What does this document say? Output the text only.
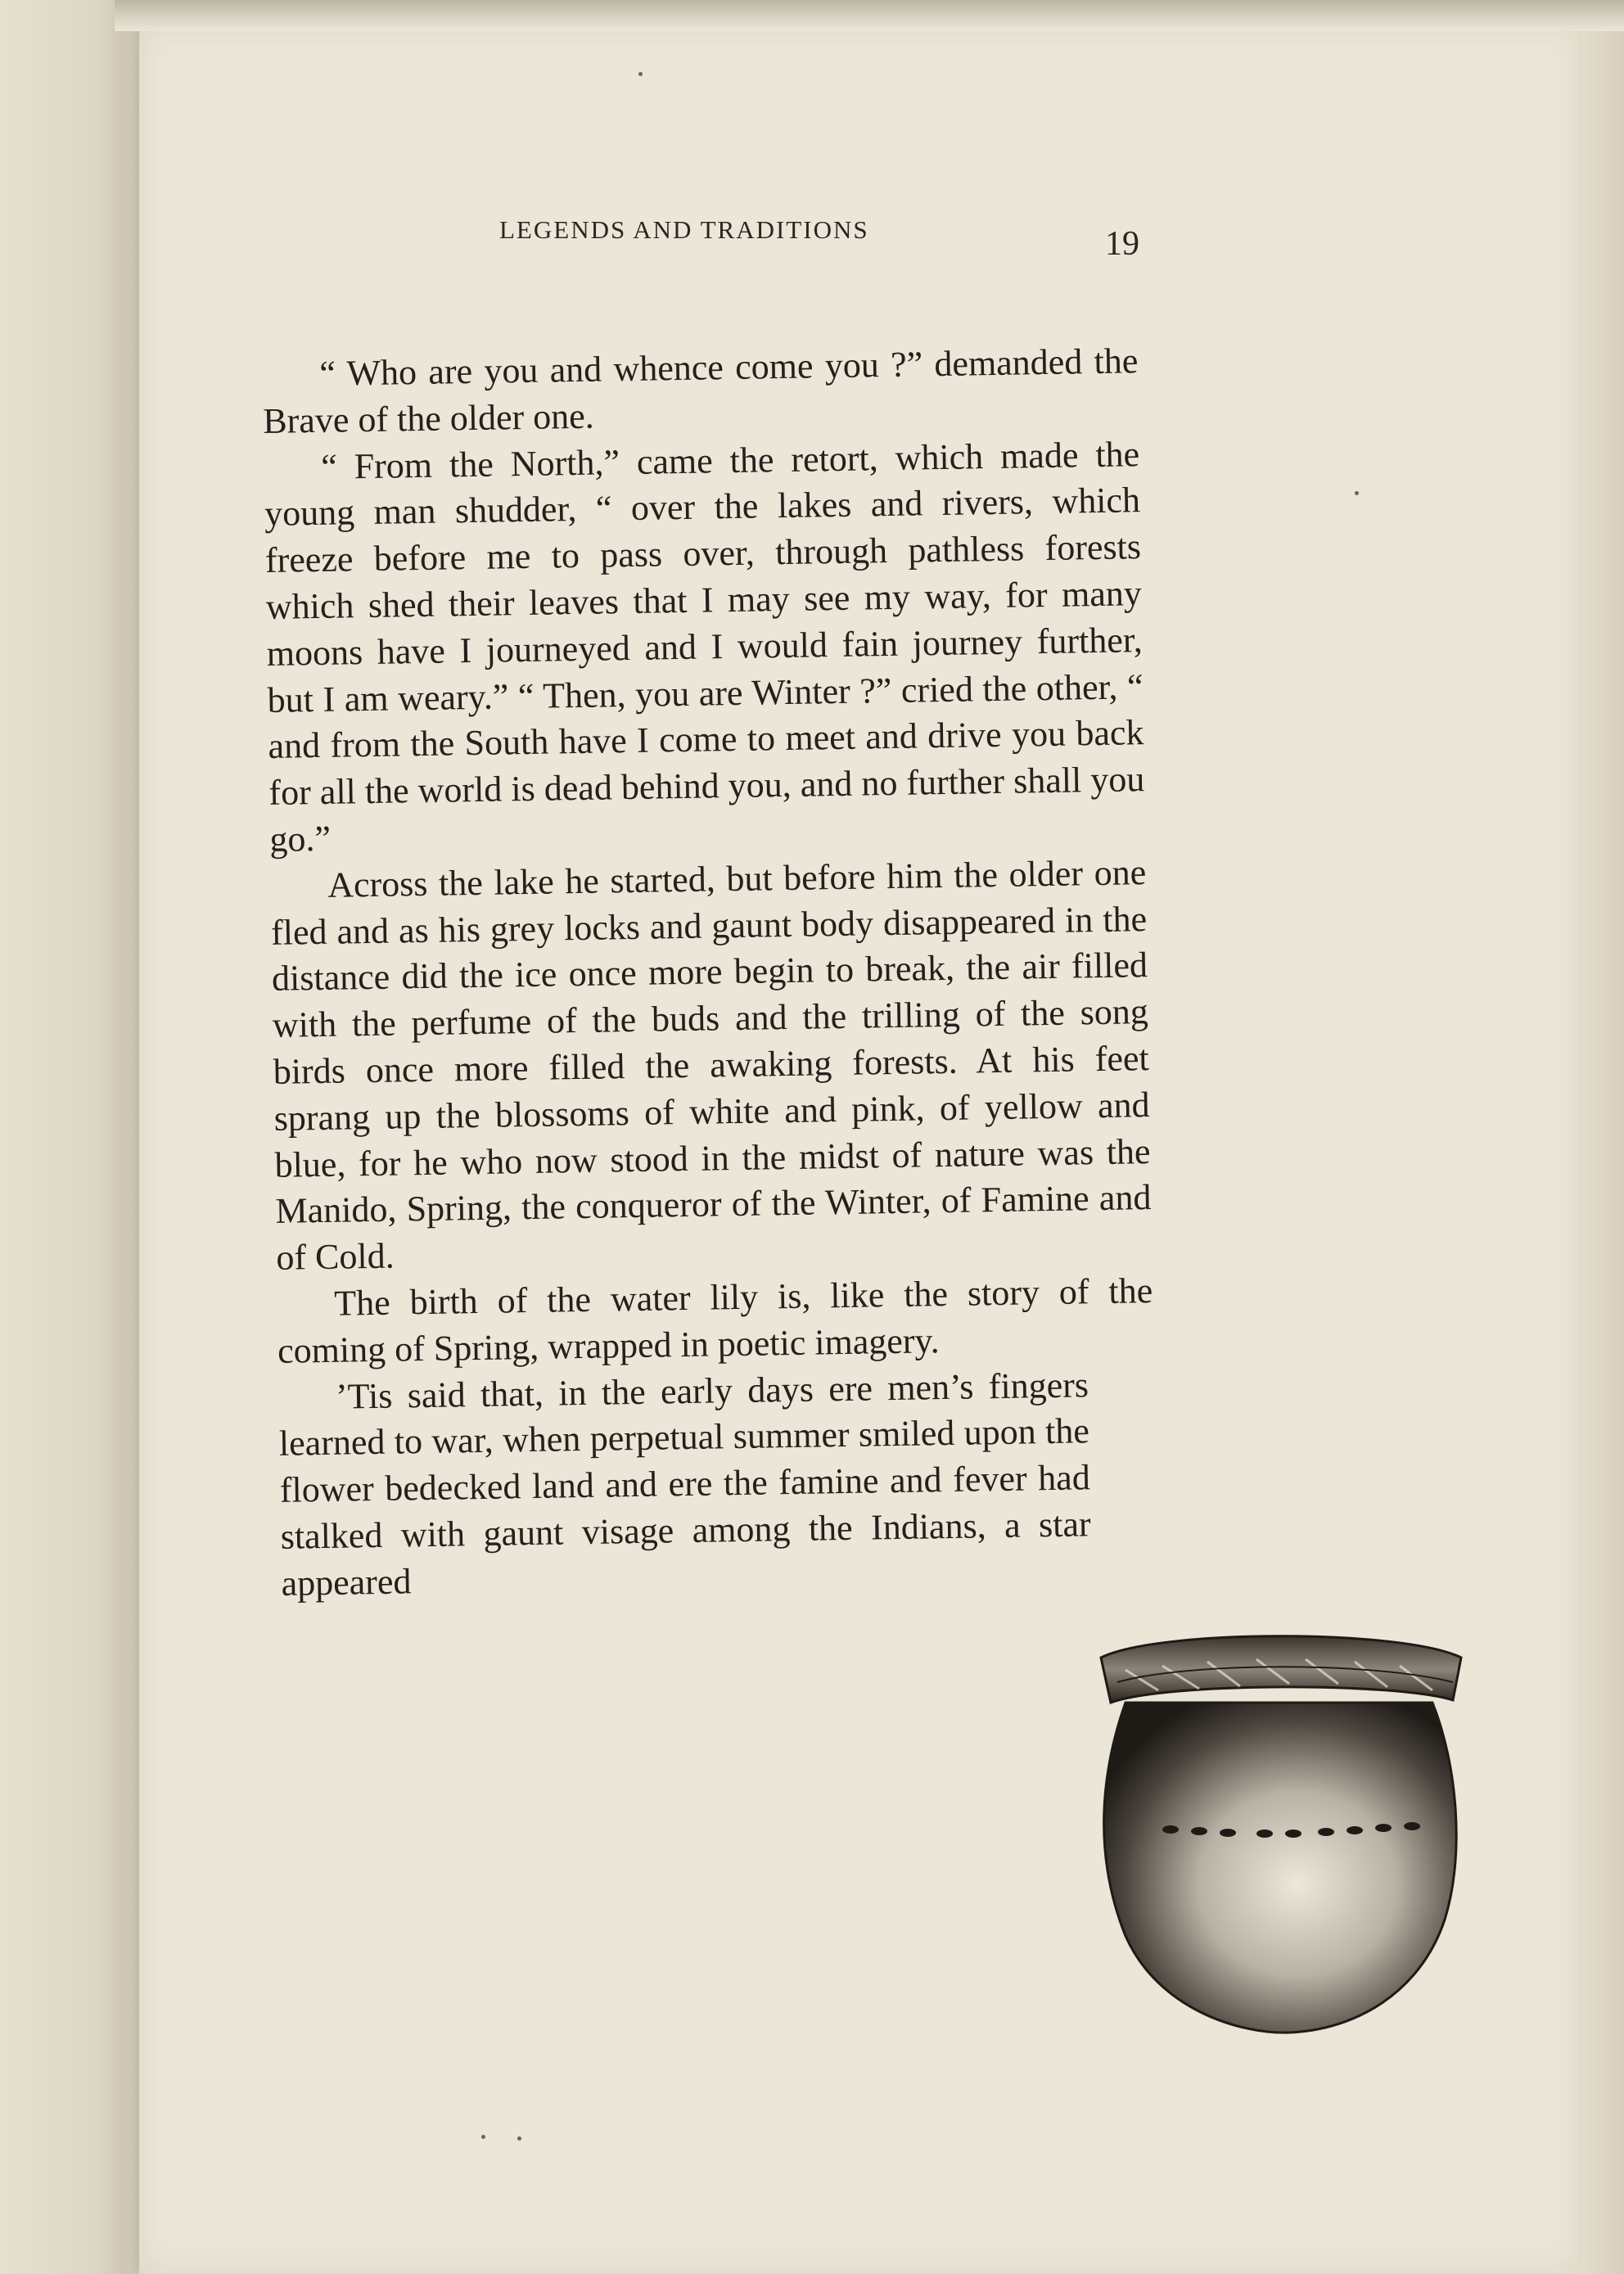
LEGENDS AND TRADITIONS	19

“ Who are you and whence come you ?” demanded the Brave of the older one.

“ From the North,” came the retort, which made the young man shudder, “ over the lakes and rivers, which freeze before me to pass over, through pathless forests which shed their leaves that I may see my way, for many moons have I journeyed and I would fain journey further, but I am weary.” “ Then, you are Winter ?” cried the other, “ and from the South have I come to meet and drive you back for all the world is dead behind you, and no further shall you go.”

Across the lake he started, but before him the older one fled and as his grey locks and gaunt body disappeared in the distance did the ice once more begin to break, the air filled with the perfume of the buds and the trilling of the song birds once more filled the awaking forests. At his feet sprang up the blossoms of white and pink, of yellow and blue, for he who now stood in the midst of nature was the Manido, Spring, the conqueror of the Winter, of Famine and of Cold.

The birth of the water lily is, like the story of the coming of Spring, wrapped in poetic imagery.

’Tis said that, in the early days ere men’s fingers learned to war, when perpetual summer smiled upon the flower bedecked land and ere the famine and fever had stalked with gaunt visage among the Indians, a star appeared
